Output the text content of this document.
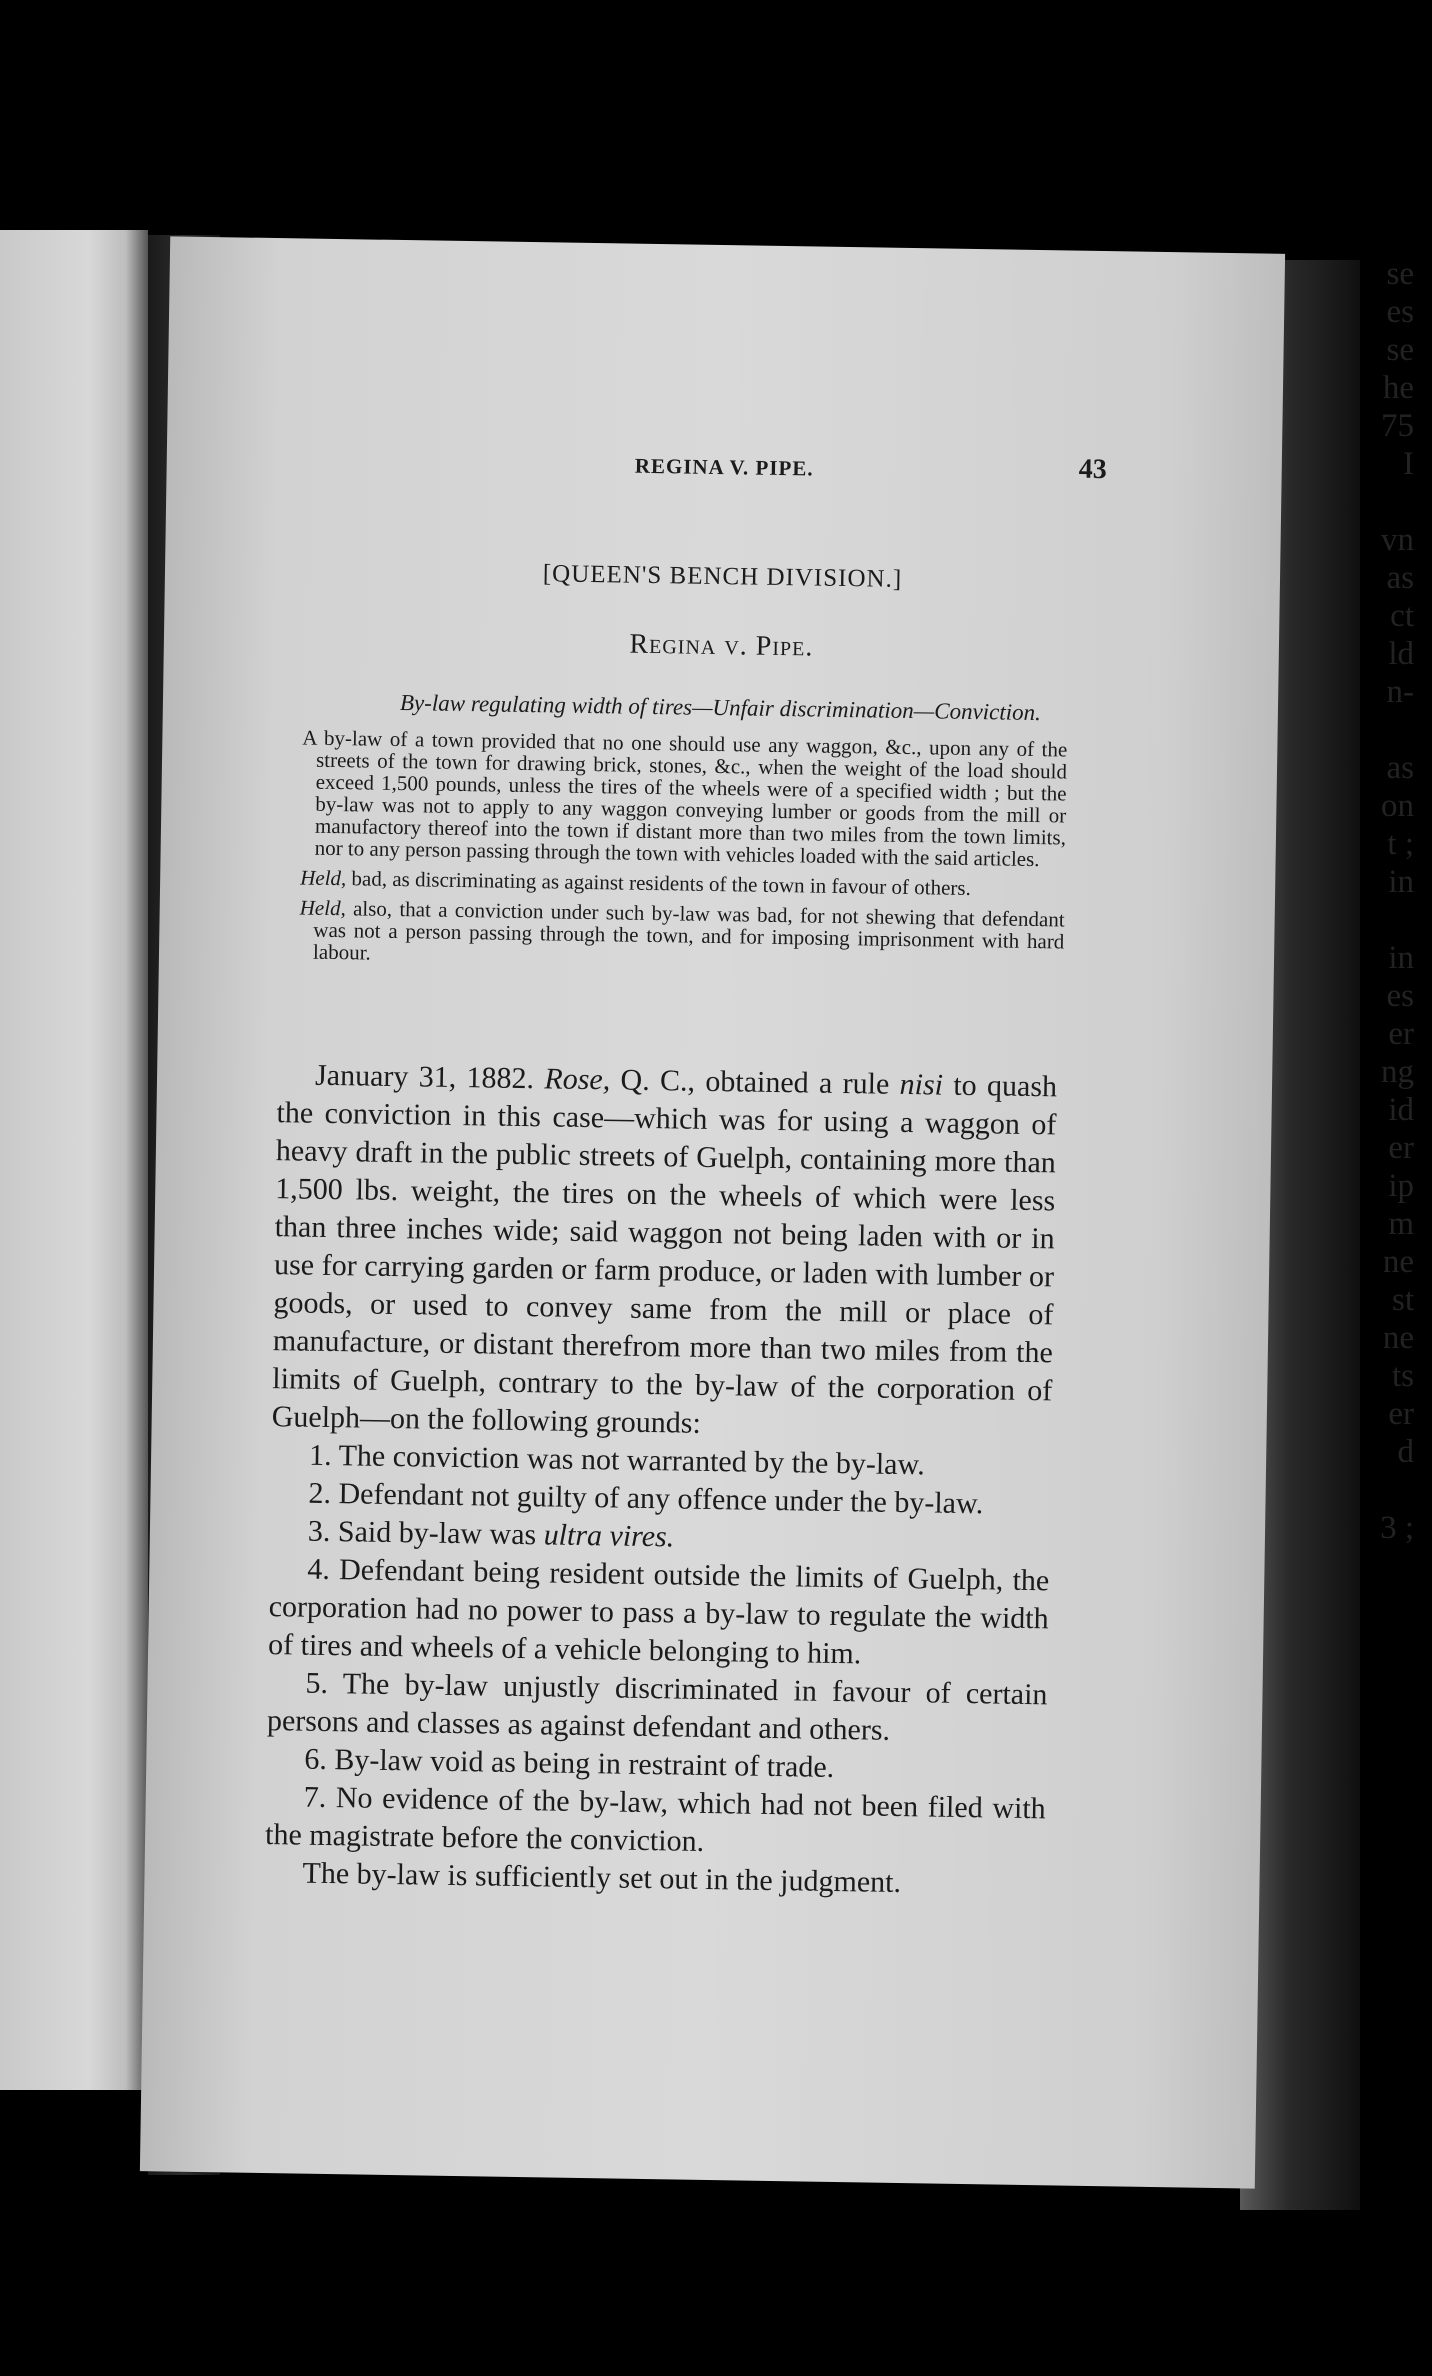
se
es
se
he
75
I
vn
as
ct
ld
n-
as
on
t ;
in
in
es
er
ng
id
er
ip
m
ne
st
ne
ts
er
d
3 ;
REGINA V. PIPE.	43
[QUEEN'S BENCH DIVISION.]
Regina v. Pipe.
By-law regulating width of tires—Unfair discrimination—Conviction.

A by-law of a town provided that no one should use any waggon, &c., upon any of the streets of the town for drawing brick, stones, &c., when the weight of the load should exceed 1,500 pounds, unless the tires of the wheels were of a specified width ; but the by-law was not to apply to any waggon conveying lumber or goods from the mill or manufactory thereof into the town if distant more than two miles from the town limits, nor to any person passing through the town with vehicles loaded with the said articles.

Held, bad, as discriminating as against residents of the town in favour of others.

Held, also, that a conviction under such by-law was bad, for not shewing that defendant was not a person passing through the town, and for imposing imprisonment with hard labour.

January 31, 1882. Rose, Q. C., obtained a rule nisi to quash the conviction in this case—which was for using a waggon of heavy draft in the public streets of Guelph, containing more than 1,500 lbs. weight, the tires on the wheels of which were less than three inches wide; said waggon not being laden with or in use for carrying garden or farm produce, or laden with lumber or goods, or used to convey same from the mill or place of manufacture, or distant therefrom more than two miles from the limits of Guelph, contrary to the by-law of the corporation of Guelph—on the following grounds:

1. The conviction was not warranted by the by-law.

2. Defendant not guilty of any offence under the by-law.

3. Said by-law was ultra vires.

4. Defendant being resident outside the limits of Guelph, the corporation had no power to pass a by-law to regulate the width of tires and wheels of a vehicle belonging to him.

5. The by-law unjustly discriminated in favour of certain persons and classes as against defendant and others.

6. By-law void as being in restraint of trade.

7. No evidence of the by-law, which had not been filed with the magistrate before the conviction.

The by-law is sufficiently set out in the judgment.
